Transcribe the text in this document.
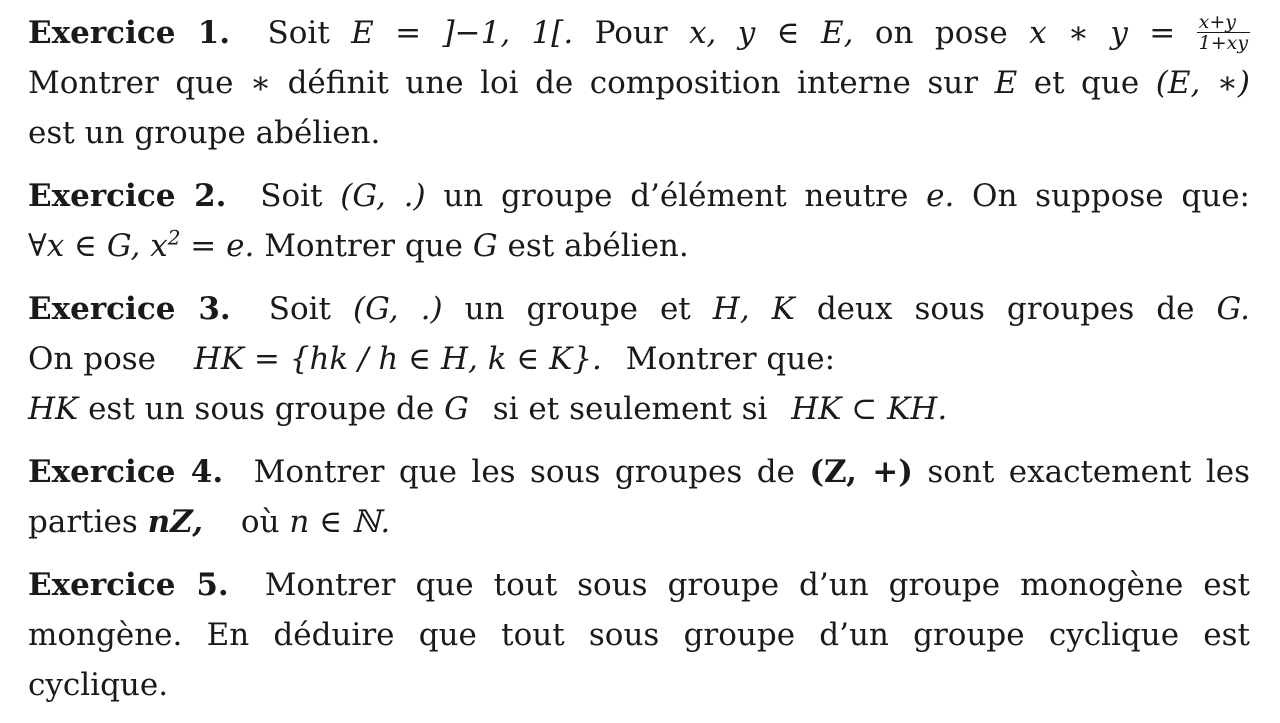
Exercice 1. Soit E = ]−1, 1[. Pour x, y ∈ E, on pose x ∗ $y = \frac{x+y}{1+xy}$
Montrer que ∗ définit une loi de composition interne sur E et que (E, ∗)
est un groupe abélien.
Exercice 2. Soit (G, .) un groupe d’élément neutre e. On suppose que:
∀x ∈ G, $x^2 = e$. Montrer que G est abélien.
Exercice 3. Soit (G, .) un groupe et H, K deux sous groupes de G.
On pose HK = {hk / h ∈ H, k ∈ K}. Montrer que:
HK est un sous groupe de G si et seulement si HK ⊂ KH.
Exercice 4. Montrer que les sous groupes de (Z, +) sont exactement les
parties nZ, où n ∈ ℕ.
Exercice 5. Montrer que tout sous groupe d’un groupe monogène est
mongène. En déduire que tout sous groupe d’un groupe cyclique est
cyclique.
